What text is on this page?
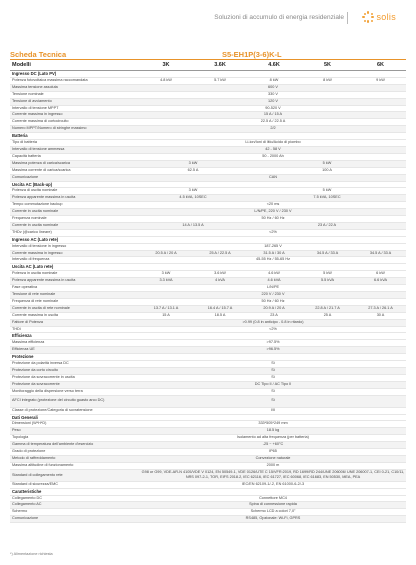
Soluzioni di accumulo di energia residenziale	solis
Scheda Tecnica	S5-EH1P(3-6)K-L
Modelli	3K	3.6K	4.6K	5K	6K
Ingresso DC (Lato PV)					
Potenza fotovoltaica massima raccomandata	4.8 kW	5.7 kW	8 kW	8 kW	9 kW
Massima tensione assoluta	600 V				
Tensione nominale	330 V				
Tensione di avviamento	120 V				
Intervallo di tensione MPPT	90-520 V				
Corrente massima in ingresso	15 A / 15 A				
Corrente massima di cortocircuito	22.5 A / 22.5 A				
Numero MPPT/Numero di stringhe massimo	2/2				
Batteria					
Tipo di batteria	Li-ion/Ioni di litio/Acido di piombo				
Intervallo di tensione ammessa	42 - 58 V				
Capacità batteria	50 - 2000 Ah				
Massima potenza di carica/scarica	3 kW		5 kW		
Massima corrente di carica/scarica	62.5 A		100 A		
Comunicazione	CAN				
Uscita AC (Back-up)					
Potenza di uscita nominale	3 kW		5 kW		
Potenza apparente massima in uscita	4.5 kVA, 10SEC		7.5 kVA, 10SEC		
Tempo commutazione backup	<20 ms				
Corrente in uscita nominale	L/N/PE, 220 V / 230 V				
Frequenza nominale	50 Hz / 60 Hz				
Corrente in uscita nominale	14 A / 13.5 A		23 A / 22 A		
THDv (@carico lineare)	<2%				
Ingresso AC (Lato rete)					
Intervallo di tensione in ingresso	187-265 V				
Corrente massima in ingresso	20.5 A / 20 A	25 A / 22.5 A	31.5 A / 30 A	34.5 A / 33 A	34.5 A / 33 A
Intervallo di frequenza	45-55 Hz / 55-65 Hz				
Uscita AC (Lato rete)					
Potenza in uscita nominale	3 kW	3.6 kW	4.6 kW	5 kW	6 kW
Potenza apparente massima in uscita	3.3 kVA	4 kVA	4.6 kVA	5.5 kVA	6.6 kVA
Fase operativa	L/N/PE				
Tensione di rete nominale	220 V / 230 V				
Frequenza di rete nominale	50 Hz / 60 Hz				
Corrente in uscita di rete nominale	13.7 A / 13.1 A	16.4 A / 15.7 A	20.9 A / 20 A	22.8 A / 21.7 A	27.3 A / 26.1 A
Corrente massima in uscita	15 A	18.5 A	23 A	25 A	30 A
Fattore di Potenza	>0.99 (0.8 in anticipo - 0.8 in ritardo)				
THDi	<2%				
Efficienza					
Massima efficienza	>97.5%				
Efficienza UE	>96.5%				
Protezione					
Protezione da polarità inversa DC	Sì				
Protezione da corto circuito	Sì				
Protezione da sovracorrente in uscita	Sì				
Protezione da sovracorrente	DC Tipo II / AC Tipo II				
Monitoraggio della dispersione verso terra	Sì				
AFCI integrato (protezione del circuito guasto arco DC)	Sì				
Classe di protezione/Categoria di sovratensione	I/II				
Dati Generali					
Dimensioni (W*H*D)	333*505*249 mm				
Peso	18.5 kg				
Topologia	Isolamento ad alta frequenza (per batteria)				
Gamma di temperatura dell'ambiente d'esercizio	-25 ~ +60°C				
Grado di protezione	IP65				
Metodo di raffreddamento	Convezione naturale				
Massima altitudine di funzionamento	2000 m				
Standard di collegamento rete	G98 or G99, VDE-AR-N 4105/VDE V 0124, EN 50549-1, VDE 0126/UTE C 15/VFR:2019, RD 1699/RD 244/UNE 206006/ UNE 206007-1, CEI 0-21, C10/11, NRS 097-2-1, TOR, EIFS 2018.2, IEC 62116, IEC 61727, IEC 60068, IEC 61683, EN 50530, MEA, PEA				
Standard di sicurezza/EMC	IEC/EN 62109-1/-2, EN 61000-6-2/-3				
Caratteristiche					
Collegamento DC	Connettore MC4				
Collegamento AC	Spina di connessione rapida				
Schermo	Schermo LCD a colori 7,0"				
Comunicazione	RS485, Opzionale: Wi-Fi, GPRS				
*) Alimentazione richiesta
